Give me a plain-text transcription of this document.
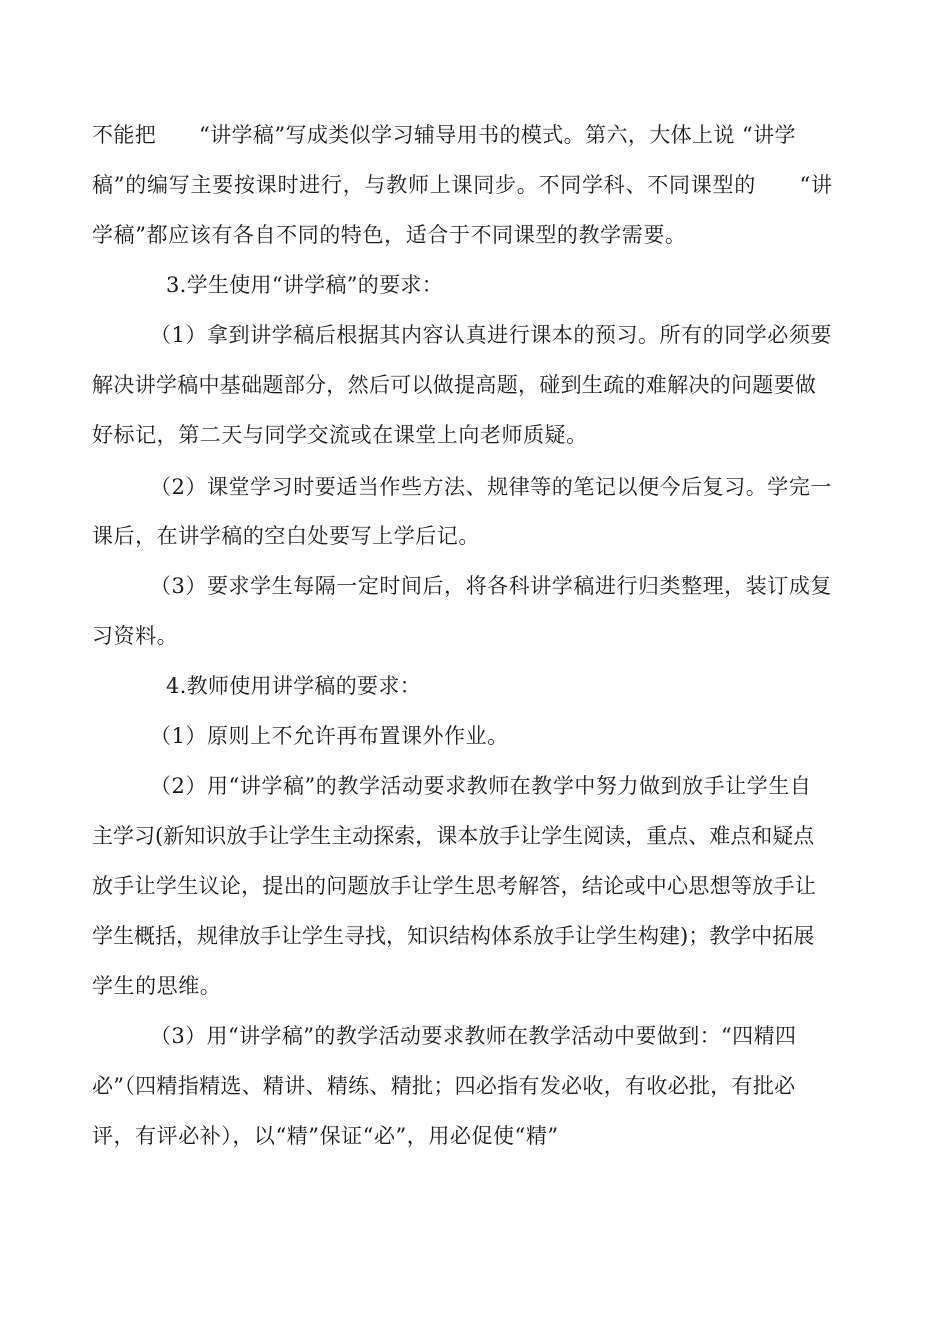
不能把　　“讲学稿”写成类似学习辅导用书的模式。第六，大体上说 “讲学
稿”的编写主要按课时进行，与教师上课同步。不同学科、不同课型的　　“讲
学稿”都应该有各自不同的特色，适合于不同课型的教学需要。
3.学生使用“讲学稿”的要求：
（1）拿到讲学稿后根据其内容认真进行课本的预习。所有的同学必须要
解决讲学稿中基础题部分，然后可以做提高题，碰到生疏的难解决的问题要做
好标记，第二天与同学交流或在课堂上向老师质疑。
（2）课堂学习时要适当作些方法、规律等的笔记以便今后复习。学完一
课后，在讲学稿的空白处要写上学后记。
（3）要求学生每隔一定时间后，将各科讲学稿进行归类整理，装订成复
习资料。
4.教师使用讲学稿的要求：
（1）原则上不允许再布置课外作业。
（2）用“讲学稿”的教学活动要求教师在教学中努力做到放手让学生自
主学习(新知识放手让学生主动探索，课本放手让学生阅读，重点、难点和疑点
放手让学生议论，提出的问题放手让学生思考解答，结论或中心思想等放手让
学生概括，规律放手让学生寻找，知识结构体系放手让学生构建)；教学中拓展
学生的思维。
（3）用“讲学稿”的教学活动要求教师在教学活动中要做到：“四精四
必”（四精指精选、精讲、精练、精批；四必指有发必收，有收必批，有批必
评，有评必补），以“精”保证“必”，用必促使“精”
